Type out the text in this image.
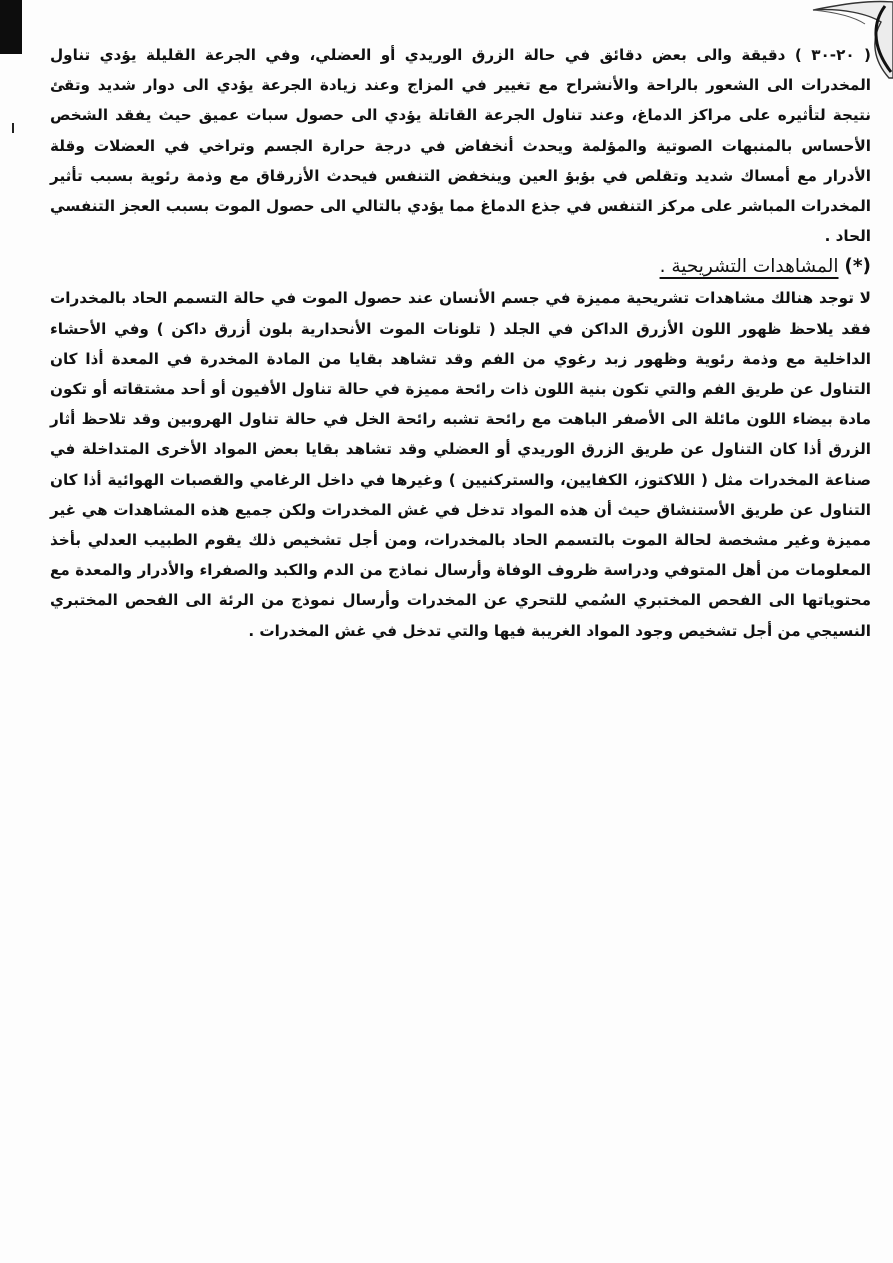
( ٢٠-٣٠ ) دقيقة والى بعض دقائق في حالة الزرق الوريدي أو العضلي، وفي الجرعة القليلة يؤدي تناول المخدرات الى الشعور بالراحة والأنشراح مع تغيير في المزاج وعند زيادة الجرعة يؤدي الى دوار شديد وتقئ نتيجة لتأثيره على مراكز الدماغ، وعند تناول الجرعة القاتلة يؤدي الى حصول سبات عميق حيث يفقد الشخص الأحساس بالمنبهات الصوتية والمؤلمة ويحدث أنخفاض في درجة حرارة الجسم وتراخي في العضلات وقلة الأدرار مع أمساك شديد وتقلص في بؤبؤ العين وينخفض التنفس فيحدث الأزرقاق مع وذمة رئوية بسبب تأثير المخدرات المباشر على مركز التنفس في جذع الدماغ مما يؤدي بالتالي الى حصول الموت بسبب العجز التنفسي الحاد .

(*) المشاهدات التشريحية .

لا توجد هنالك مشاهدات تشريحية مميزة في جسم الأنسان عند حصول الموت في حالة التسمم الحاد بالمخدرات فقد يلاحظ ظهور اللون الأزرق الداكن في الجلد ( تلونات الموت الأنحدارية بلون أزرق داكن ) وفي الأحشاء الداخلية مع وذمة رئوية وظهور زبد رغوي من الفم وقد تشاهد بقايا من المادة المخدرة في المعدة أذا كان التناول عن طريق الفم والتي تكون بنية اللون ذات رائحة مميزة في حالة تناول الأفيون أو أحد مشتقاته أو تكون مادة بيضاء اللون مائلة الى الأصفر الباهت مع رائحة تشبه رائحة الخل في حالة تناول الهروبين وقد تلاحظ أثار الزرق أذا كان التناول عن طريق الزرق الوريدي أو العضلي وقد تشاهد بقايا بعض المواد الأخرى المتداخلة في صناعة المخدرات مثل ( اللاكتوز، الكفايين، والستركنيين ) وغيرها في داخل الرغامي والقصبات الهوائية أذا كان التناول عن طريق الأستنشاق حيث أن هذه المواد تدخل في غش المخدرات ولكن جميع هذه المشاهدات هي غير مميزة وغير مشخصة لحالة الموت بالتسمم الحاد بالمخدرات، ومن أجل تشخيص ذلك يقوم الطبيب العدلي بأخذ المعلومات من أهل المتوفي ودراسة ظروف الوفاة وأرسال نماذج من الدم والكبد والصفراء والأدرار والمعدة مع محتوياتها الى الفحص المختبري السُمي للتحري عن المخدرات وأرسال نموذج من الرئة الى الفحص المختبري النسيجي من أجل تشخيص وجود المواد الغريبة فيها والتي تدخل في غش المخدرات .
